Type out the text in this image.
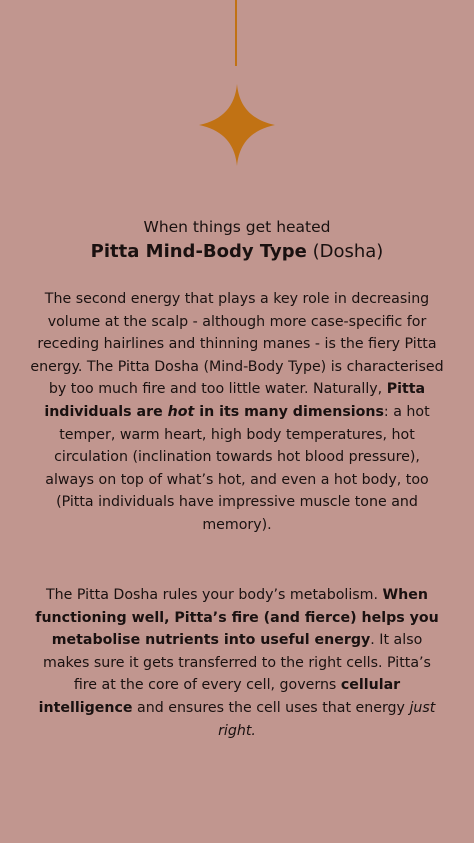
When things get heated
Pitta Mind-Body Type (Dosha)

The second energy that plays a key role in decreasing volume at the scalp - although more case-specific for receding hairlines and thinning manes - is the fiery Pitta energy. The Pitta Dosha (Mind-Body Type) is characterised by too much fire and too little water. Naturally, Pitta individuals are hot in its many dimensions: a hot temper, warm heart, high body temperatures, hot circulation (inclination towards hot blood pressure), always on top of what’s hot, and even a hot body, too (Pitta individuals have impressive muscle tone and memory).

The Pitta Dosha rules your body’s metabolism. When functioning well, Pitta’s fire (and fierce) helps you metabolise nutrients into useful energy. It also makes sure it gets transferred to the right cells. Pitta’s fire at the core of every cell, governs cellular intelligence and ensures the cell uses that energy just right.
